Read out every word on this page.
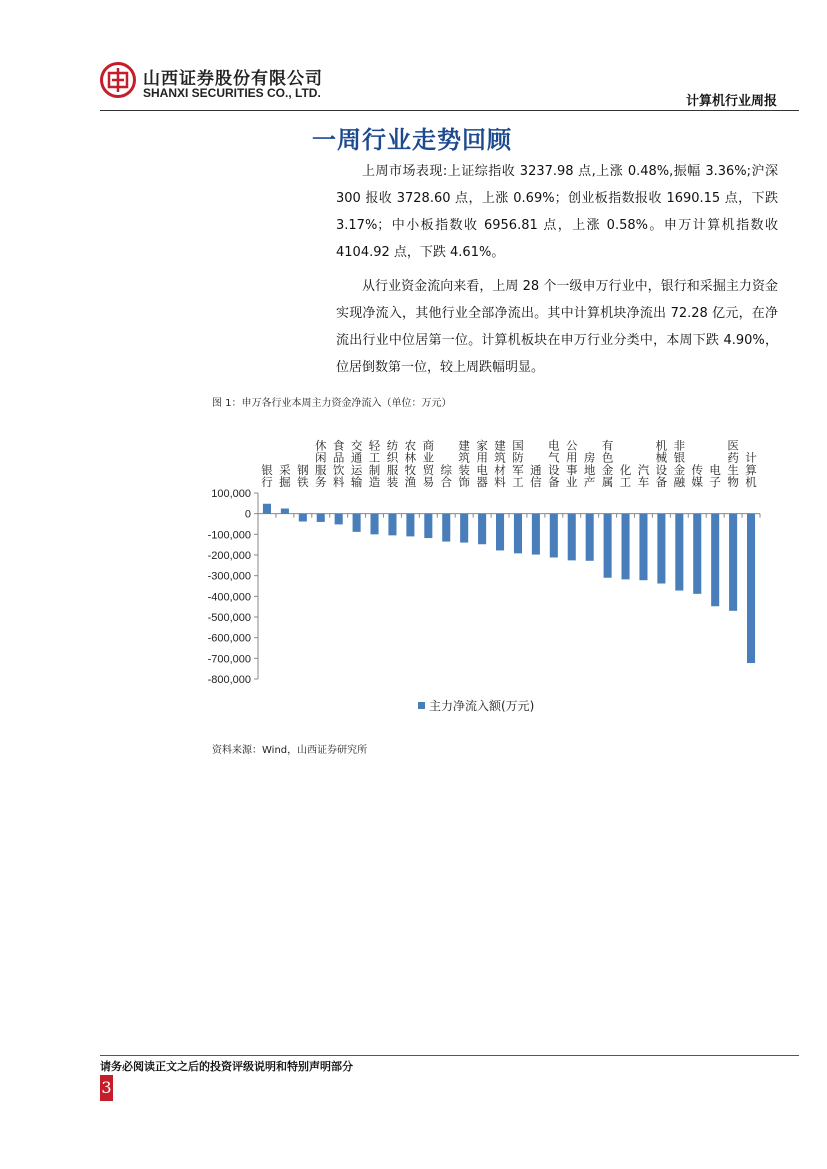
山西证券股份有限公司
SHANXI SECURITIES CO., LTD.
计算机行业周报
一周行业走势回顾

上周市场表现:上证综指收 3237.98 点,上涨 0.48%,振幅 3.36%;沪深 300 报收 3728.60 点，上涨 0.69%；创业板指数报收 1690.15 点，下跌 3.17%；中小板指数收 6956.81 点，上涨 0.58%。申万计算机指数收 4104.92 点，下跌 4.61%。

从行业资金流向来看，上周 28 个一级申万行业中，银行和采掘主力资金实现净流入，其他行业全部净流出。其中计算机块净流出 72.28 亿元，在净流出行业中位居第一位。计算机板块在申万行业分类中，本周下跌 4.90%，位居倒数第一位，较上周跌幅明显。

图 1：申万各行业本周主力资金净流入（单位：万元）
100,000
0
-100,000
-200,000
-300,000
-400,000
-500,000
-600,000
-700,000
-800,000
银行
采掘
钢铁
休闲服务
食品饮料
交通运输
轻工制造
纺织服装
农林牧渔
商业贸易
综合
建筑装饰
家用电器
建筑材料
国防军工
通信
电气设备
公用事业
房地产
有色金属
化工
汽车
机械设备
非银金融
传媒
电子
医药生物
计算机
主力净流入额(万元)
资料来源：Wind，山西证券研究所
请务必阅读正文之后的投资评级说明和特别声明部分
3
